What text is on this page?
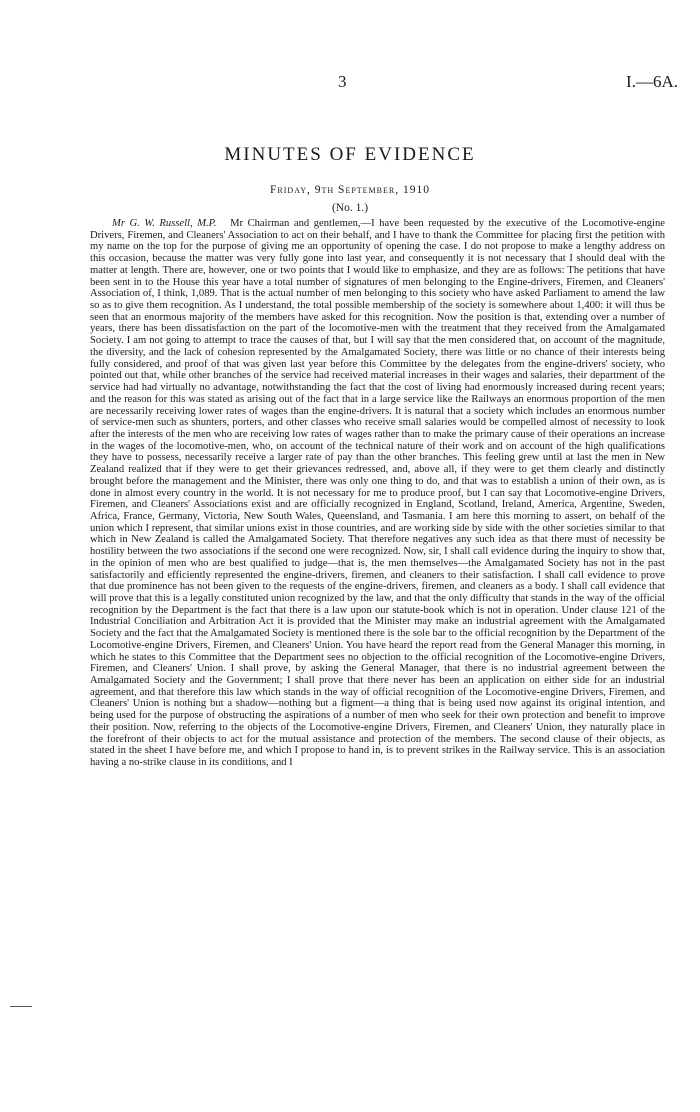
3	I.—6A.
MINUTES OF EVIDENCE
Friday, 9th September, 1910
(No. 1.)

Mr G. W. Russell, M.P. Mr Chairman and gentlemen,—I have been requested by the executive of the Locomotive-engine Drivers, Firemen, and Cleaners' Association to act on their behalf, and I have to thank the Committee for placing first the petition with my name on the top for the purpose of giving me an opportunity of opening the case. I do not propose to make a lengthy address on this occasion, because the matter was very fully gone into last year, and consequently it is not necessary that I should deal with the matter at length. There are, however, one or two points that I would like to emphasize, and they are as follows: The petitions that have been sent in to the House this year have a total number of signatures of men belonging to the Engine-drivers, Firemen, and Cleaners' Association of, I think, 1,089. That is the actual number of men belonging to this society who have asked Parliament to amend the law so as to give them recognition. As I understand, the total possible membership of the society is somewhere about 1,400: it will thus be seen that an enormous majority of the members have asked for this recognition. Now the position is that, extending over a number of years, there has been dissatisfaction on the part of the locomotive-men with the treatment that they received from the Amalgamated Society. I am not going to attempt to trace the causes of that, but I will say that the men considered that, on account of the magnitude, the diversity, and the lack of cohesion represented by the Amalgamated Society, there was little or no chance of their interests being fully considered, and proof of that was given last year before this Committee by the delegates from the engine-drivers' society, who pointed out that, while other branches of the service had received material increases in their wages and salaries, their department of the service had had virtually no advantage, notwithstanding the fact that the cost of living had enormously increased during recent years; and the reason for this was stated as arising out of the fact that in a large service like the Railways an enormous proportion of the men are necessarily receiving lower rates of wages than the engine-drivers. It is natural that a society which includes an enormous number of service-men such as shunters, porters, and other classes who receive small salaries would be compelled almost of necessity to look after the interests of the men who are receiving low rates of wages rather than to make the primary cause of their operations an increase in the wages of the locomotive-men, who, on account of the technical nature of their work and on account of the high qualifications they have to possess, necessarily receive a larger rate of pay than the other branches. This feeling grew until at last the men in New Zealand realized that if they were to get their grievances redressed, and, above all, if they were to get them clearly and distinctly brought before the management and the Minister, there was only one thing to do, and that was to establish a union of their own, as is done in almost every country in the world. It is not necessary for me to produce proof, but I can say that Locomotive-engine Drivers, Firemen, and Cleaners' Associations exist and are officially recognized in England, Scotland, Ireland, America, Argentine, Sweden, Africa, France, Germany, Victoria, New South Wales, Queensland, and Tasmania. I am here this morning to assert, on behalf of the union which I represent, that similar unions exist in those countries, and are working side by side with the other societies similar to that which in New Zealand is called the Amalgamated Society. That therefore negatives any such idea as that there must of necessity be hostility between the two associations if the second one were recognized. Now, sir, I shall call evidence during the inquiry to show that, in the opinion of men who are best qualified to judge—that is, the men themselves—the Amalgamated Society has not in the past satisfactorily and efficiently represented the engine-drivers, firemen, and cleaners to their satisfaction. I shall call evidence to prove that due prominence has not been given to the requests of the engine-drivers, firemen, and cleaners as a body. I shall call evidence that will prove that this is a legally constituted union recognized by the law, and that the only difficulty that stands in the way of the official recognition by the Department is the fact that there is a law upon our statute-book which is not in operation. Under clause 121 of the Industrial Conciliation and Arbitration Act it is provided that the Minister may make an industrial agreement with the Amalgamated Society and the fact that the Amalgamated Society is mentioned there is the sole bar to the official recognition by the Department of the Locomotive-engine Drivers, Firemen, and Cleaners' Union. You have heard the report read from the General Manager this morning, in which he states to this Committee that the Department sees no objection to the official recognition of the Locomotive-engine Drivers, Firemen, and Cleaners' Union. I shall prove, by asking the General Manager, that there is no industrial agreement between the Amalgamated Society and the Government; I shall prove that there never has been an application on either side for an industrial agreement, and that therefore this law which stands in the way of official recognition of the Locomotive-engine Drivers, Firemen, and Cleaners' Union is nothing but a shadow—nothing but a figment—a thing that is being used now against its original intention, and being used for the purpose of obstructing the aspirations of a number of men who seek for their own protection and benefit to improve their position. Now, referring to the objects of the Locomotive-engine Drivers, Firemen, and Cleaners' Union, they naturally place in the forefront of their objects to act for the mutual assistance and protection of the members. The second clause of their objects, as stated in the sheet I have before me, and which I propose to hand in, is to prevent strikes in the Railway service. This is an association having a no-strike clause in its conditions, and I
